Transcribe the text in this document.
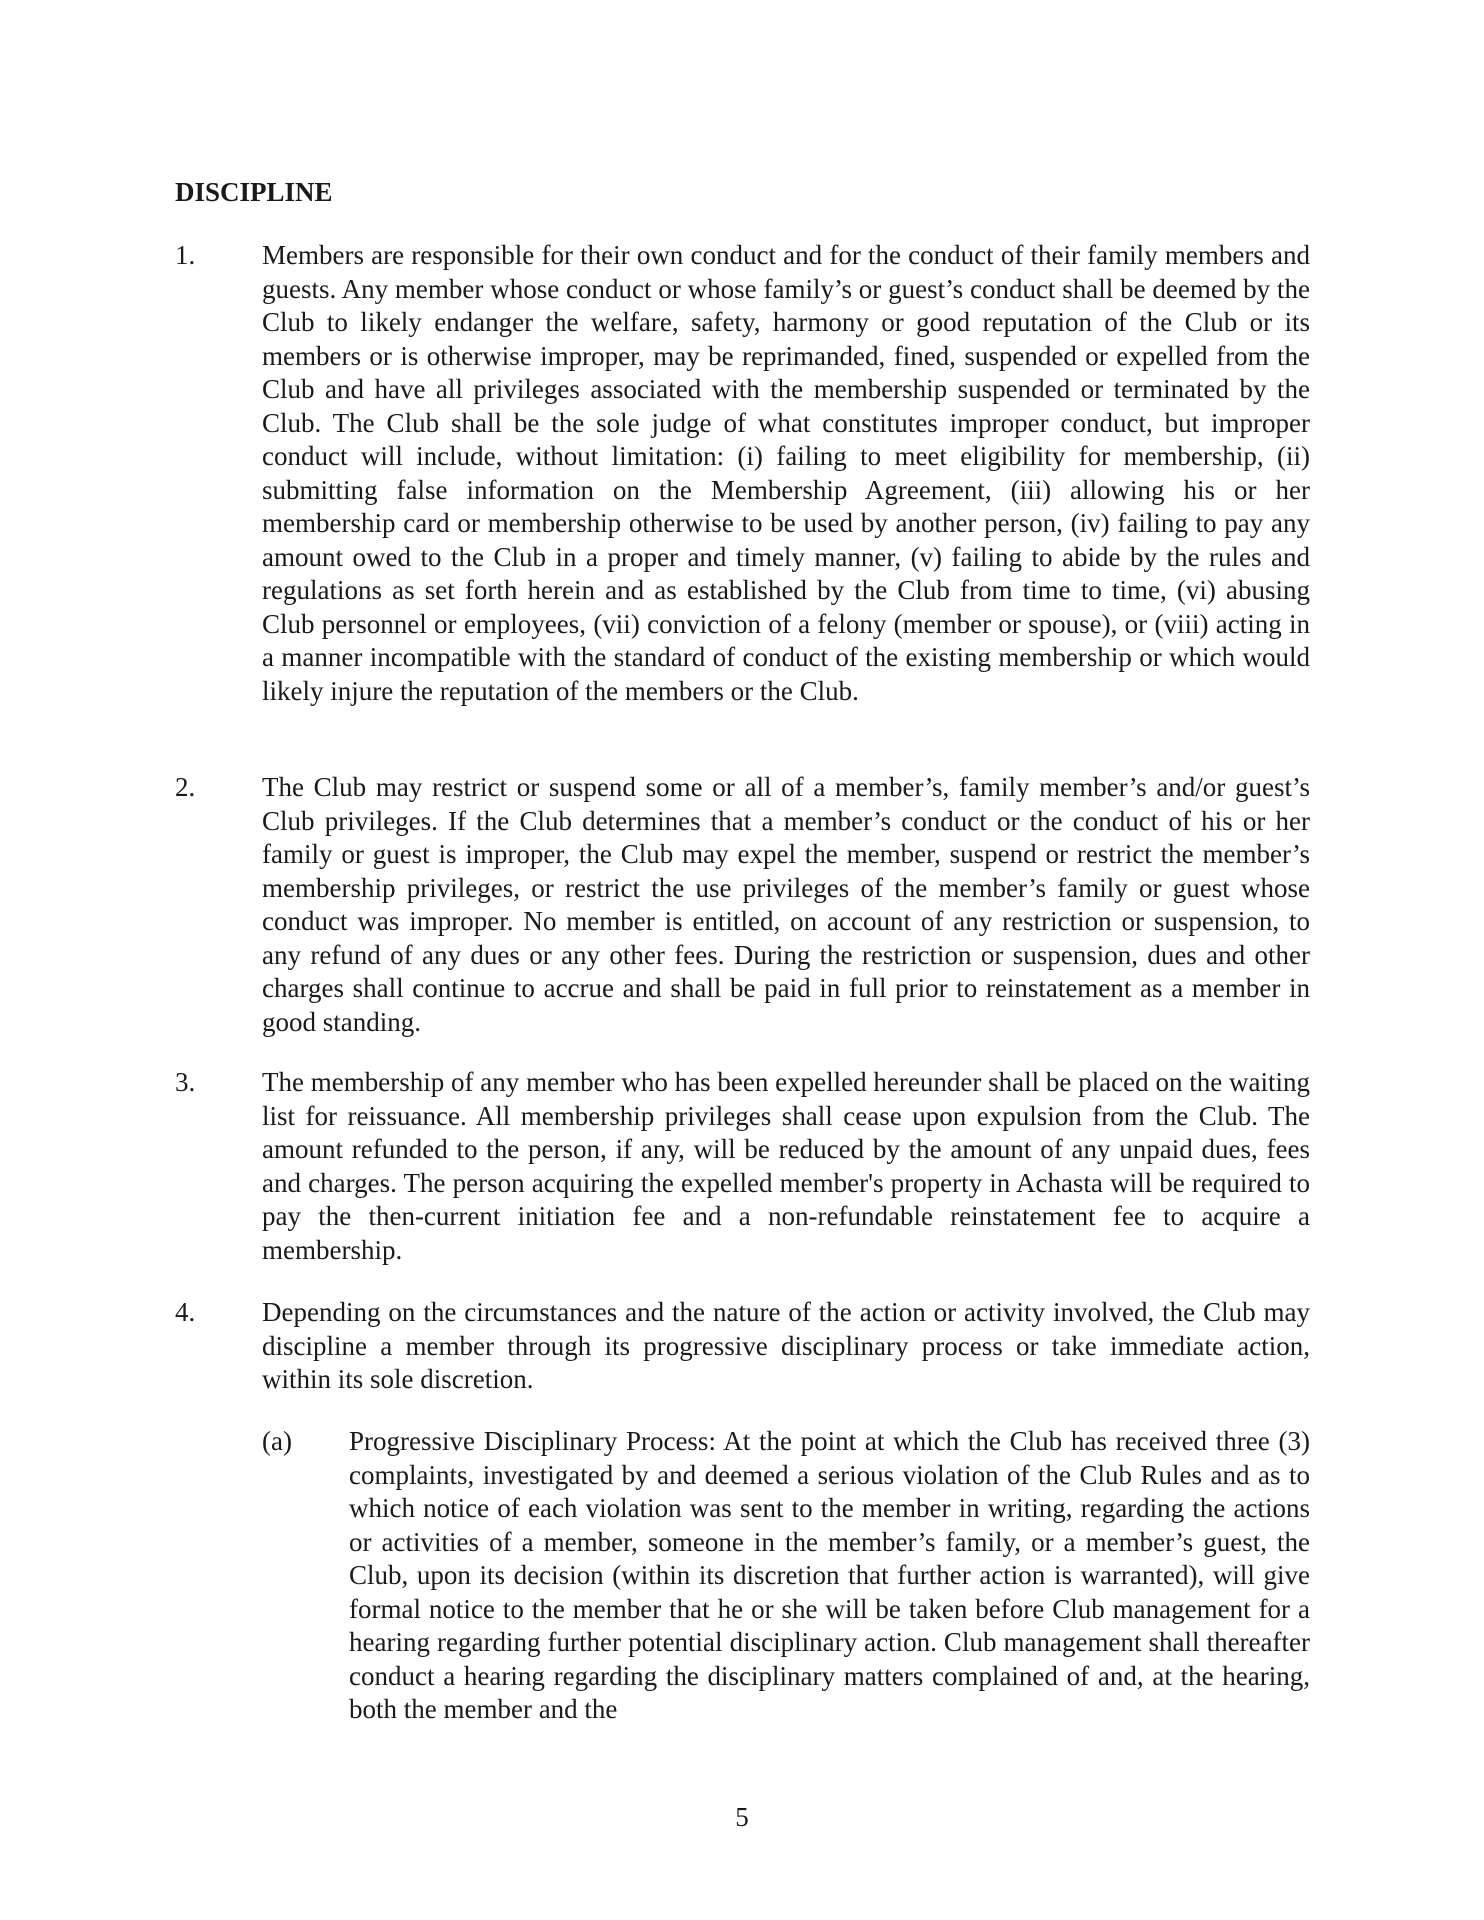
DISCIPLINE
1. Members are responsible for their own conduct and for the conduct of their family members and guests. Any member whose conduct or whose family’s or guest’s conduct shall be deemed by the Club to likely endanger the welfare, safety, harmony or good reputation of the Club or its members or is otherwise improper, may be reprimanded, fined, suspended or expelled from the Club and have all privileges associated with the membership suspended or terminated by the Club. The Club shall be the sole judge of what constitutes improper conduct, but improper conduct will include, without limitation: (i) failing to meet eligibility for membership, (ii) submitting false information on the Membership Agreement, (iii) allowing his or her membership card or membership otherwise to be used by another person, (iv) failing to pay any amount owed to the Club in a proper and timely manner, (v) failing to abide by the rules and regulations as set forth herein and as established by the Club from time to time, (vi) abusing Club personnel or employees, (vii) conviction of a felony (member or spouse), or (viii) acting in a manner incompatible with the standard of conduct of the existing membership or which would likely injure the reputation of the members or the Club.
2. The Club may restrict or suspend some or all of a member’s, family member’s and/or guest’s Club privileges. If the Club determines that a member’s conduct or the conduct of his or her family or guest is improper, the Club may expel the member, suspend or restrict the member’s membership privileges, or restrict the use privileges of the member’s family or guest whose conduct was improper. No member is entitled, on account of any restriction or suspension, to any refund of any dues or any other fees. During the restriction or suspension, dues and other charges shall continue to accrue and shall be paid in full prior to reinstatement as a member in good standing.
3. The membership of any member who has been expelled hereunder shall be placed on the waiting list for reissuance. All membership privileges shall cease upon expulsion from the Club. The amount refunded to the person, if any, will be reduced by the amount of any unpaid dues, fees and charges. The person acquiring the expelled member's property in Achasta will be required to pay the then-current initiation fee and a non-refundable reinstatement fee to acquire a membership.
4. Depending on the circumstances and the nature of the action or activity involved, the Club may discipline a member through its progressive disciplinary process or take immediate action, within its sole discretion.
(a) Progressive Disciplinary Process: At the point at which the Club has received three (3) complaints, investigated by and deemed a serious violation of the Club Rules and as to which notice of each violation was sent to the member in writing, regarding the actions or activities of a member, someone in the member’s family, or a member’s guest, the Club, upon its decision (within its discretion that further action is warranted), will give formal notice to the member that he or she will be taken before Club management for a hearing regarding further potential disciplinary action. Club management shall thereafter conduct a hearing regarding the disciplinary matters complained of and, at the hearing, both the member and the
5
